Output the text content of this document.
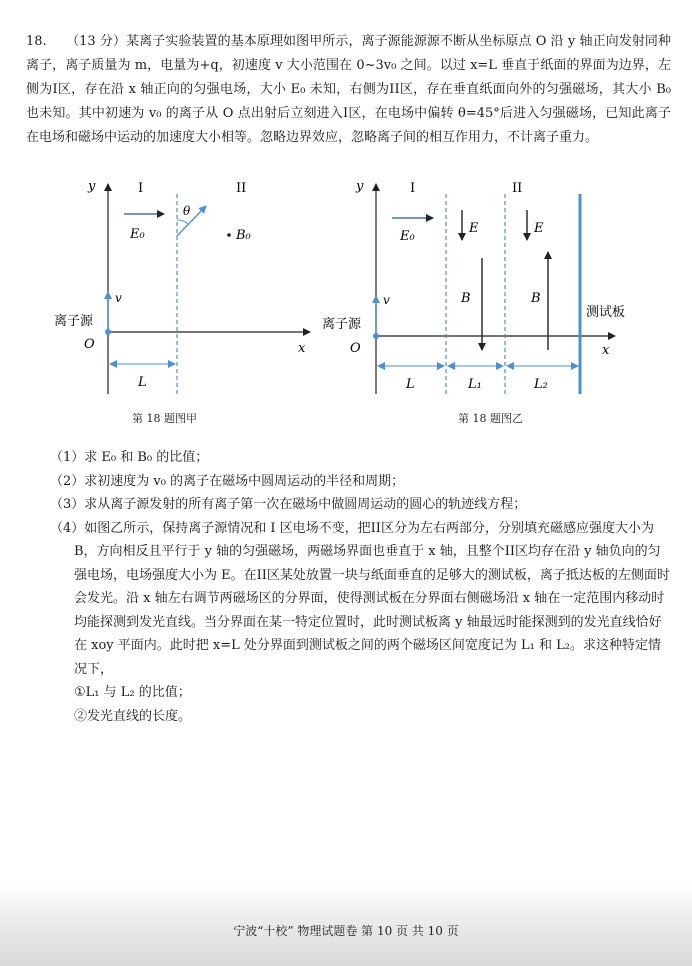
18. （13 分）某离子实验装置的基本原理如图甲所示，离子源能源源不断从坐标原点 O 沿 y 轴正向发射同种离子，离子质量为 m，电量为+q，初速度 v 大小范围在 0~3v₀ 之间。以过 x=L 垂直于纸面的界面为边界，左侧为I区，存在沿 x 轴正向的匀强电场，大小 E₀ 未知，右侧为II区，存在垂直纸面向外的匀强磁场，其大小 B₀ 也未知。其中初速为 v₀ 的离子从 O 点出射后立刻进入I区，在电场中偏转 θ=45°后进入匀强磁场，已知此离子在电场和磁场中运动的加速度大小相等。忽略边界效应，忽略离子间的相互作用力，不计离子重力。
y
x
I	II
E₀
θ
B₀
v
离子源
O
L
y
x
I	II
E₀
E	E
B	B
v
离子源
O
测试板
L	L₁	L₂
第 18 题图甲	第 18 题图乙
（1）求 E₀ 和 B₀ 的比值；
（2）求初速度为 v₀ 的离子在磁场中圆周运动的半径和周期；
（3）求从离子源发射的所有离子第一次在磁场中做圆周运动的圆心的轨迹线方程；
（4）如图乙所示，保持离子源情况和 I 区电场不变，把II区分为左右两部分，分别填充磁感应强度大小为 B，方向相反且平行于 y 轴的匀强磁场，两磁场界面也垂直于 x 轴，且整个II区均存在沿 y 轴负向的匀强电场，电场强度大小为 E。在II区某处放置一块与纸面垂直的足够大的测试板，离子抵达板的左侧面时会发光。沿 x 轴左右调节两磁场区的分界面，使得测试板在分界面右侧磁场沿 x 轴在一定范围内移动时均能探测到发光直线。当分界面在某一特定位置时，此时测试板离 y 轴最远时能探测到的发光直线恰好在 xoy 平面内。此时把 x=L 处分界面到测试板之间的两个磁场区间宽度记为 L₁ 和 L₂。求这种特定情况下，
①L₁ 与 L₂ 的比值；
②发光直线的长度。
宁波“十校” 物理试题卷 第 10 页 共 10 页
